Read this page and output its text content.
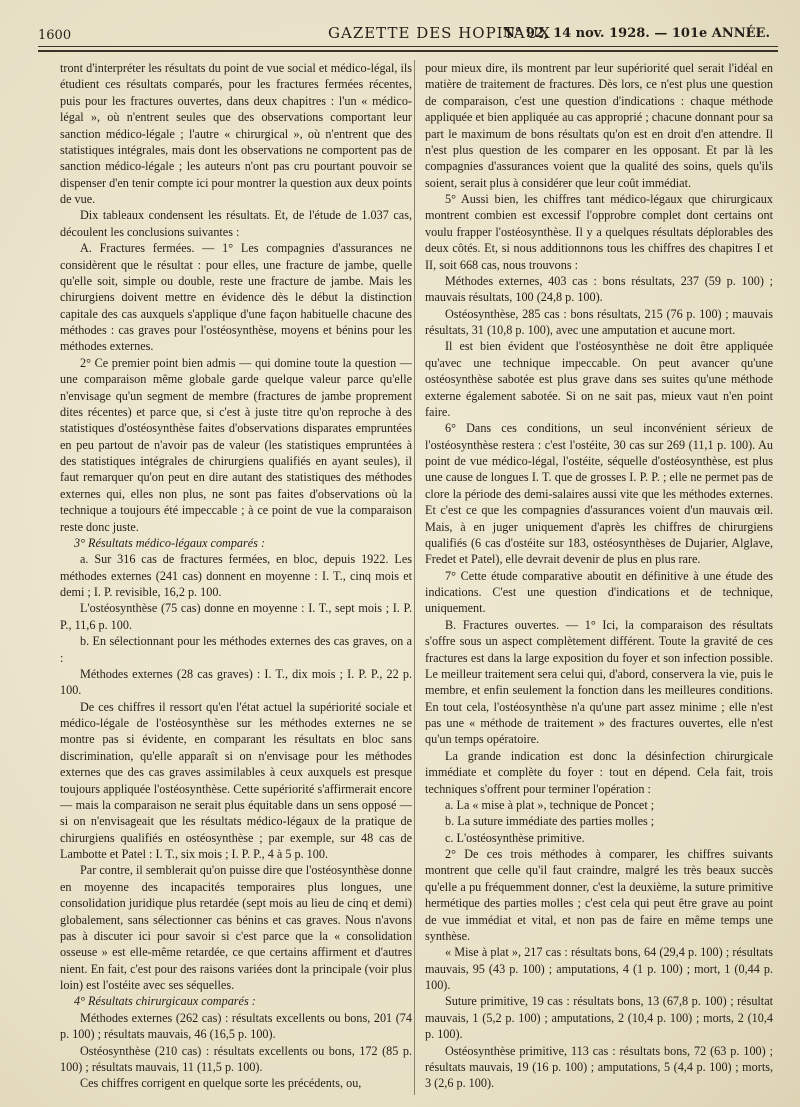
1600	GAZETTE DES HOPITAUX
N° 92, 14 nov. 1928. — 101e ANNÉE.

tront d'interpréter les résultats du point de vue social et médico-légal, ils étudient ces résultats comparés, pour les fractures fermées récentes, puis pour les fractures ouvertes, dans deux chapitres : l'un « médico-légal », où n'entrent seules que des observations comportant leur sanction médico-légale ; l'autre « chirurgical », où n'entrent que des statistiques intégrales, mais dont les observations ne comportent pas de sanction médico-légale ; les auteurs n'ont pas cru pourtant pouvoir se dispenser d'en tenir compte ici pour montrer la question aux deux points de vue.

Dix tableaux condensent les résultats. Et, de l'étude de 1.037 cas, découlent les conclusions suivantes :

A. Fractures fermées. — 1° Les compagnies d'assurances ne considèrent que le résultat : pour elles, une fracture de jambe, quelle qu'elle soit, simple ou double, reste une fracture de jambe. Mais les chirurgiens doivent mettre en évidence dès le début la distinction capitale des cas auxquels s'applique d'une façon habituelle chacune des méthodes : cas graves pour l'ostéosynthèse, moyens et bénins pour les méthodes externes.

2° Ce premier point bien admis — qui domine toute la question — une comparaison même globale garde quelque valeur parce qu'elle n'envisage qu'un segment de membre (fractures de jambe proprement dites récentes) et parce que, si c'est à juste titre qu'on reproche à des statistiques d'ostéosynthèse faites d'observations disparates empruntées en peu partout de n'avoir pas de valeur (les statistiques empruntées à des statistiques intégrales de chirurgiens qualifiés en ayant seules), il faut remarquer qu'on peut en dire autant des statistiques des méthodes externes qui, elles non plus, ne sont pas faites d'observations où la technique a toujours été impeccable ; à ce point de vue la comparaison reste donc juste.

3° Résultats médico-légaux comparés :

a. Sur 316 cas de fractures fermées, en bloc, depuis 1922. Les méthodes externes (241 cas) donnent en moyenne : I. T., cinq mois et demi ; I. P. revisible, 16,2 p. 100.

L'ostéosynthèse (75 cas) donne en moyenne : I. T., sept mois ; I. P. P., 11,6 p. 100.

b. En sélectionnant pour les méthodes externes des cas graves, on a :

Méthodes externes (28 cas graves) : I. T., dix mois ; I. P. P., 22 p. 100.

De ces chiffres il ressort qu'en l'état actuel la supériorité sociale et médico-légale de l'ostéosynthèse sur les méthodes externes ne se montre pas si évidente, en comparant les résultats en bloc sans discrimination, qu'elle apparaît si on n'envisage pour les méthodes externes que des cas graves assimilables à ceux auxquels est presque toujours appliquée l'ostéosynthèse. Cette supériorité s'affirmerait encore — mais la comparaison ne serait plus équitable dans un sens opposé — si on n'envisageait que les résultats médico-légaux de la pratique de chirurgiens qualifiés en ostéosynthèse ; par exemple, sur 48 cas de Lambotte et Patel : I. T., six mois ; I. P. P., 4 à 5 p. 100.

Par contre, il semblerait qu'on puisse dire que l'ostéosynthèse donne en moyenne des incapacités temporaires plus longues, une consolidation juridique plus retardée (sept mois au lieu de cinq et demi) globalement, sans sélectionner cas bénins et cas graves. Nous n'avons pas à discuter ici pour savoir si c'est parce que la « consolidation osseuse » est elle-même retardée, ce que certains affirment et d'autres nient. En fait, c'est pour des raisons variées dont la principale (voir plus loin) est l'ostéite avec ses séquelles.

4° Résultats chirurgicaux comparés :

Méthodes externes (262 cas) : résultats excellents ou bons, 201 (74 p. 100) ; résultats mauvais, 46 (16,5 p. 100).

Ostéosynthèse (210 cas) : résultats excellents ou bons, 172 (85 p. 100) ; résultats mauvais, 11 (11,5 p. 100).

Ces chiffres corrigent en quelque sorte les précédents, ou,

pour mieux dire, ils montrent par leur supériorité quel serait l'idéal en matière de traitement de fractures. Dès lors, ce n'est plus une question de comparaison, c'est une question d'indications : chaque méthode appliquée et bien appliquée au cas approprié ; chacune donnant pour sa part le maximum de bons résultats qu'on est en droit d'en attendre. Il n'est plus question de les comparer en les opposant. Et par là les compagnies d'assurances voient que la qualité des soins, quels qu'ils soient, serait plus à considérer que leur coût immédiat.

5° Aussi bien, les chiffres tant médico-légaux que chirurgicaux montrent combien est excessif l'opprobre complet dont certains ont voulu frapper l'ostéosynthèse. Il y a quelques résultats déplorables des deux côtés. Et, si nous additionnons tous les chiffres des chapitres I et II, soit 668 cas, nous trouvons :

Méthodes externes, 403 cas : bons résultats, 237 (59 p. 100) ; mauvais résultats, 100 (24,8 p. 100).

Ostéosynthèse, 285 cas : bons résultats, 215 (76 p. 100) ; mauvais résultats, 31 (10,8 p. 100), avec une amputation et aucune mort.

Il est bien évident que l'ostéosynthèse ne doit être appliquée qu'avec une technique impeccable. On peut avancer qu'une ostéosynthèse sabotée est plus grave dans ses suites qu'une méthode externe également sabotée. Si on ne sait pas, mieux vaut n'en point faire.

6° Dans ces conditions, un seul inconvénient sérieux de l'ostéosynthèse restera : c'est l'ostéite, 30 cas sur 269 (11,1 p. 100). Au point de vue médico-légal, l'ostéite, séquelle d'ostéosynthèse, est plus une cause de longues I. T. que de grosses I. P. P. ; elle ne permet pas de clore la période des demi-salaires aussi vite que les méthodes externes. Et c'est ce que les compagnies d'assurances voient d'un mauvais œil. Mais, à en juger uniquement d'après les chiffres de chirurgiens qualifiés (6 cas d'ostéite sur 183, ostéosynthèses de Dujarier, Alglave, Fredet et Patel), elle devrait devenir de plus en plus rare.

7° Cette étude comparative aboutit en définitive à une étude des indications. C'est une question d'indications et de technique, uniquement.

B. Fractures ouvertes. — 1° Ici, la comparaison des résultats s'offre sous un aspect complètement différent. Toute la gravité de ces fractures est dans la large exposition du foyer et son infection possible. Le meilleur traitement sera celui qui, d'abord, conservera la vie, puis le membre, et enfin seulement la fonction dans les meilleures conditions. En tout cela, l'ostéosynthèse n'a qu'une part assez minime ; elle n'est pas une « méthode de traitement » des fractures ouvertes, elle n'est qu'un temps opératoire.

La grande indication est donc la désinfection chirurgicale immédiate et complète du foyer : tout en dépend. Cela fait, trois techniques s'offrent pour terminer l'opération :

a. La « mise à plat », technique de Poncet ;

b. La suture immédiate des parties molles ;

c. L'ostéosynthèse primitive.

2° De ces trois méthodes à comparer, les chiffres suivants montrent que celle qu'il faut craindre, malgré les très beaux succès qu'elle a pu fréquemment donner, c'est la deuxième, la suture primitive hermétique des parties molles ; c'est cela qui peut être grave au point de vue immédiat et vital, et non pas de faire en même temps une synthèse.

« Mise à plat », 217 cas : résultats bons, 64 (29,4 p. 100) ; résultats mauvais, 95 (43 p. 100) ; amputations, 4 (1 p. 100) ; mort, 1 (0,44 p. 100).

Suture primitive, 19 cas : résultats bons, 13 (67,8 p. 100) ; résultat mauvais, 1 (5,2 p. 100) ; amputations, 2 (10,4 p. 100) ; morts, 2 (10,4 p. 100).

Ostéosynthèse primitive, 113 cas : résultats bons, 72 (63 p. 100) ; résultats mauvais, 19 (16 p. 100) ; amputations, 5 (4,4 p. 100) ; morts, 3 (2,6 p. 100).
